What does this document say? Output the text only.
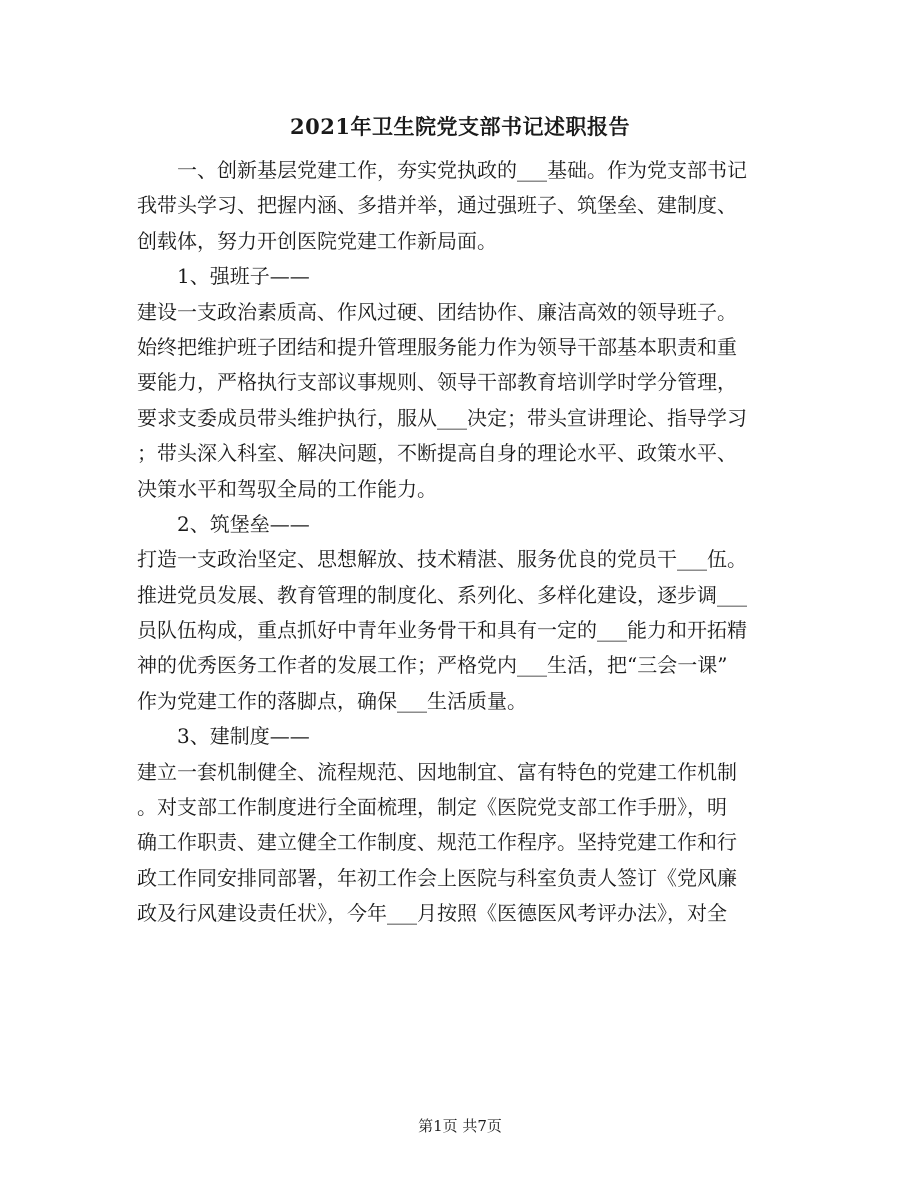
2021年卫生院党支部书记述职报告
一、创新基层党建工作，夯实党执政的___基础。作为党支部书记
我带头学习、把握内涵、多措并举，通过强班子、筑堡垒、建制度、
创载体，努力开创医院党建工作新局面。
1、强班子——
建设一支政治素质高、作风过硬、团结协作、廉洁高效的领导班子。
始终把维护班子团结和提升管理服务能力作为领导干部基本职责和重
要能力，严格执行支部议事规则、领导干部教育培训学时学分管理，
要求支委成员带头维护执行，服从___决定；带头宣讲理论、指导学习
；带头深入科室、解决问题，不断提高自身的理论水平、政策水平、
决策水平和驾驭全局的工作能力。
2、筑堡垒——
打造一支政治坚定、思想解放、技术精湛、服务优良的党员干___伍。
推进党员发展、教育管理的制度化、系列化、多样化建设，逐步调___
员队伍构成，重点抓好中青年业务骨干和具有一定的___能力和开拓精
神的优秀医务工作者的发展工作；严格党内___生活，把“三会一课”
作为党建工作的落脚点，确保___生活质量。
3、建制度——
建立一套机制健全、流程规范、因地制宜、富有特色的党建工作机制
。对支部工作制度进行全面梳理，制定《医院党支部工作手册》，明
确工作职责、建立健全工作制度、规范工作程序。坚持党建工作和行
政工作同安排同部署，年初工作会上医院与科室负责人签订《党风廉
政及行风建设责任状》，今年___月按照《医德医风考评办法》，对全
第1页 共7页
